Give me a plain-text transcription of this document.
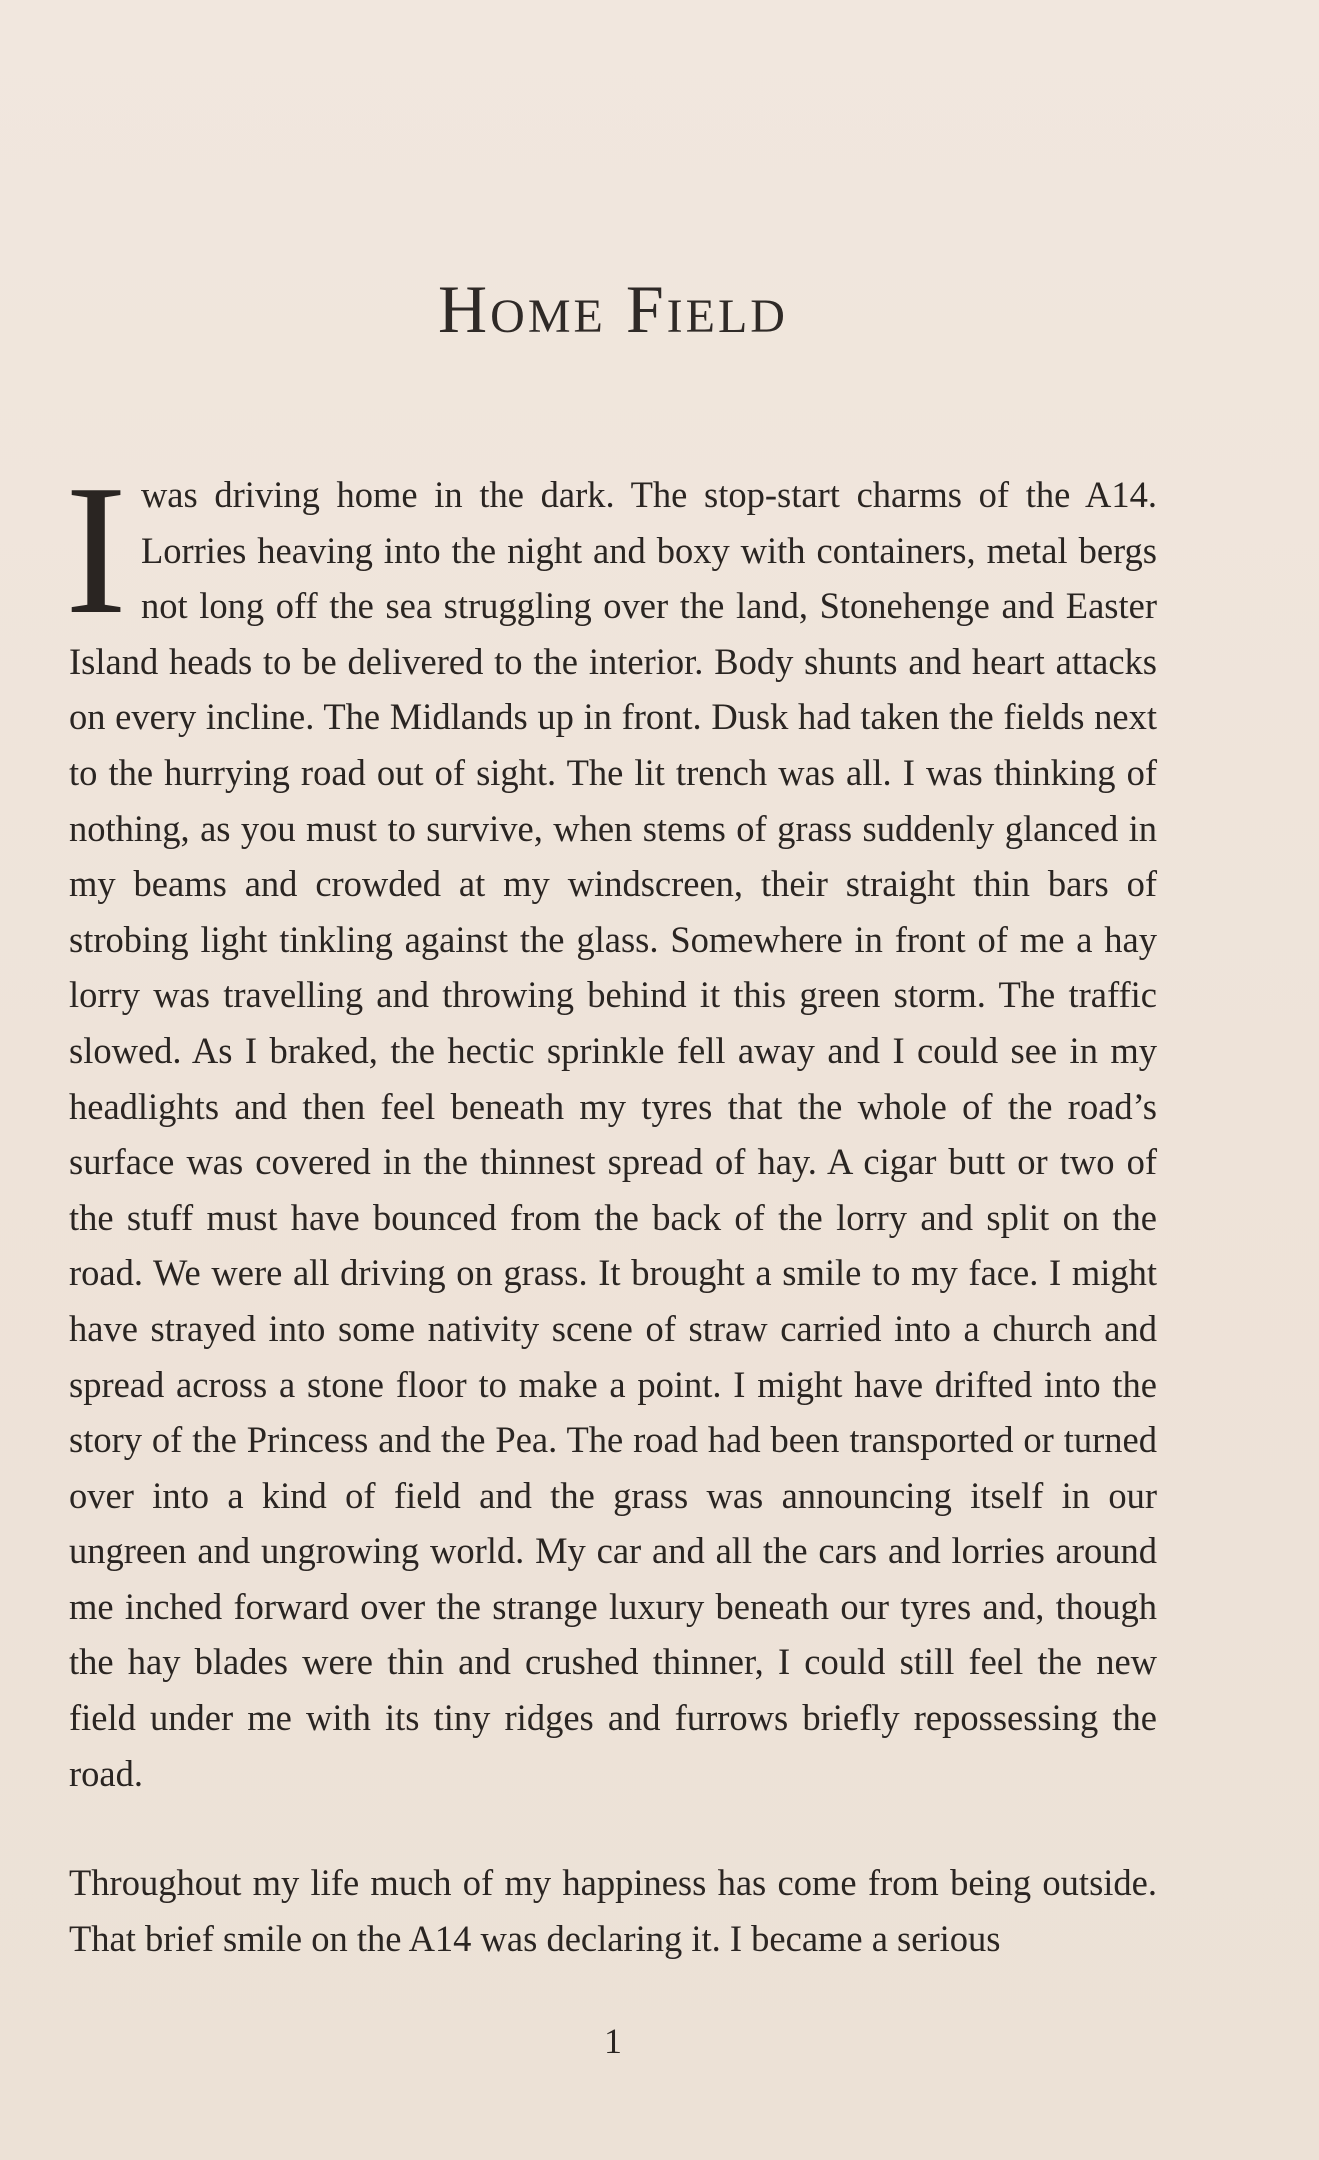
Home Field

I was driving home in the dark. The stop-start charms of the A14. Lorries heaving into the night and boxy with containers, metal bergs not long off the sea struggling over the land, Stonehenge and Easter Island heads to be delivered to the interior. Body shunts and heart attacks on every incline. The Midlands up in front. Dusk had taken the fields next to the hurrying road out of sight. The lit trench was all. I was thinking of nothing, as you must to survive, when stems of grass suddenly glanced in my beams and crowded at my windscreen, their straight thin bars of strobing light tinkling against the glass. Somewhere in front of me a hay lorry was travelling and throwing behind it this green storm. The traffic slowed. As I braked, the hectic sprinkle fell away and I could see in my headlights and then feel beneath my tyres that the whole of the road’s surface was covered in the thinnest spread of hay. A cigar butt or two of the stuff must have bounced from the back of the lorry and split on the road. We were all driving on grass. It brought a smile to my face. I might have strayed into some nativity scene of straw carried into a church and spread across a stone floor to make a point. I might have drifted into the story of the Princess and the Pea. The road had been transported or turned over into a kind of field and the grass was announcing itself in our ungreen and ungrowing world. My car and all the cars and lorries around me inched forward over the strange luxury beneath our tyres and, though the hay blades were thin and crushed thinner, I could still feel the new field under me with its tiny ridges and furrows briefly repossessing the road.

Throughout my life much of my happiness has come from being outside. That brief smile on the A14 was declaring it. I became a serious

1
